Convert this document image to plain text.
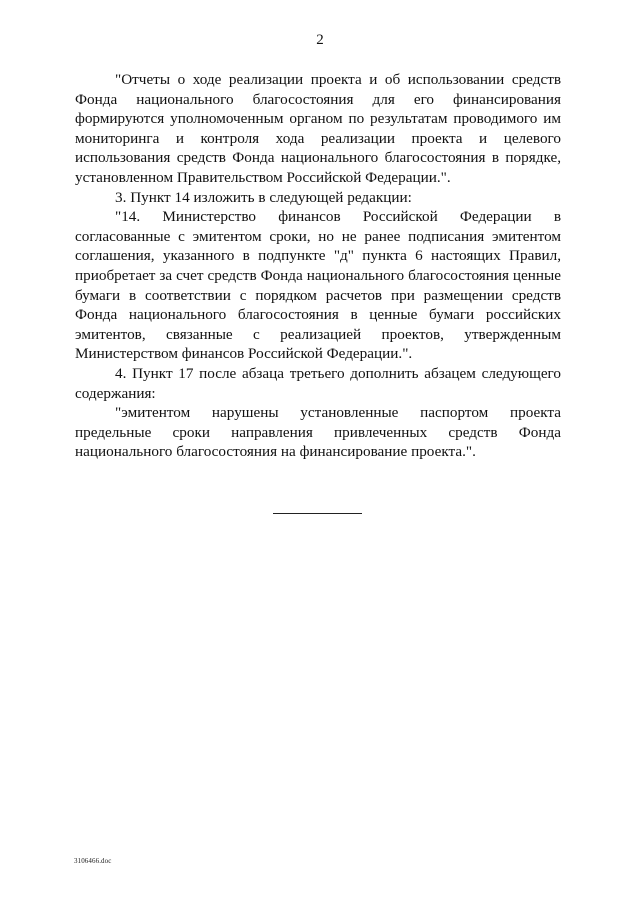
2

"Отчеты о ходе реализации проекта и об использовании средств Фонда национального благосостояния для его финансирования формируются уполномоченным органом по результатам проводимого им мониторинга и контроля хода реализации проекта и целевого использования средств Фонда национального благосостояния в порядке, установленном Правительством Российской Федерации.".

3. Пункт 14 изложить в следующей редакции:

"14. Министерство финансов Российской Федерации в согласованные с эмитентом сроки, но не ранее подписания эмитентом соглашения, указанного в подпункте "д" пункта 6 настоящих Правил, приобретает за счет средств Фонда национального благосостояния ценные бумаги в соответствии с порядком расчетов при размещении средств Фонда национального благосостояния в ценные бумаги российских эмитентов, связанные с реализацией проектов, утвержденным Министерством финансов Российской Федерации.".

4. Пункт 17 после абзаца третьего дополнить абзацем следующего содержания:

"эмитентом нарушены установленные паспортом проекта предельные сроки направления привлеченных средств Фонда национального благосостояния на финансирование проекта.".

3106466.doc
